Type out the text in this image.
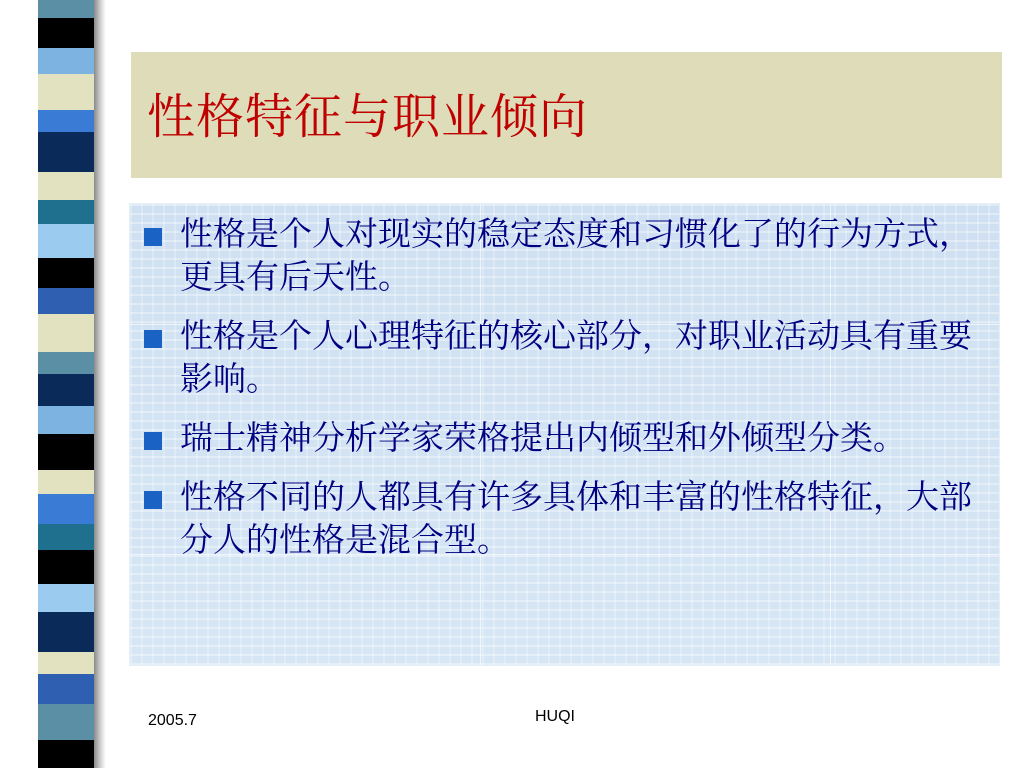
性格特征与职业倾向
性格是个人对现实的稳定态度和习惯化了的行为方式，更具有后天性。
性格是个人心理特征的核心部分，对职业活动具有重要影响。
瑞士精神分析学家荣格提出内倾型和外倾型分类。
性格不同的人都具有许多具体和丰富的性格特征，大部分人的性格是混合型。
2005.7	HUQI
